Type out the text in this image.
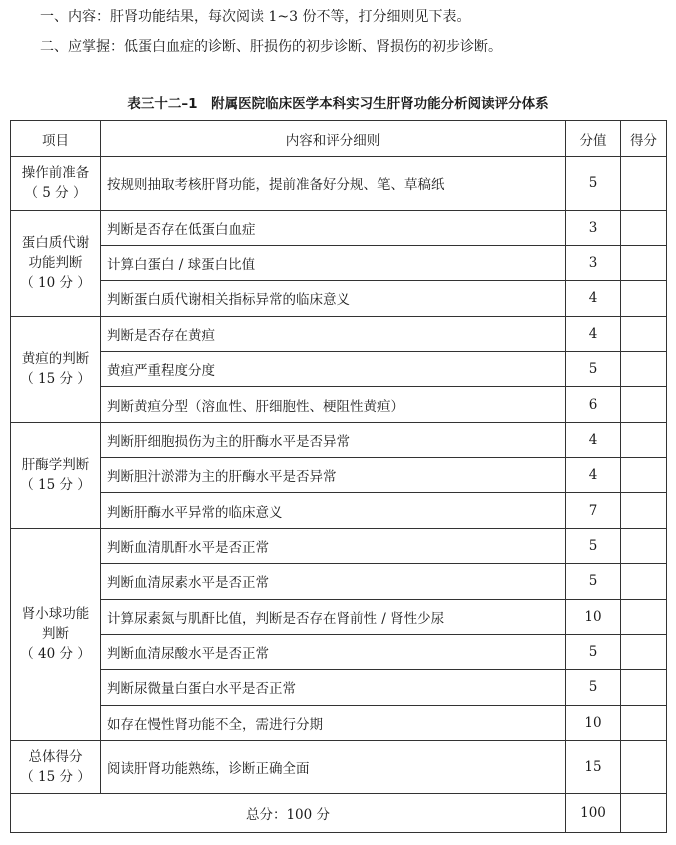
一、内容：肝肾功能结果，每次阅读 1~3 份不等，打分细则见下表。
二、应掌握：低蛋白血症的诊断、肝损伤的初步诊断、肾损伤的初步诊断。
表三十二–1　附属医院临床医学本科实习生肝肾功能分析阅读评分体系
项目	内容和评分细则	分值	得分

操作前准备
（ 5 分 ）	按规则抽取考核肝肾功能，提前准备好分规、笔、草稿纸	5	

蛋白质代谢功能判断
（ 10 分 ）	判断是否存在低蛋白血症	3	
	计算白蛋白 / 球蛋白比值	3	
	判断蛋白质代谢相关指标异常的临床意义	4	

黄疸的判断
（ 15 分 ）	判断是否存在黄疸	4	
	黄疸严重程度分度	5	
	判断黄疸分型（溶血性、肝细胞性、梗阻性黄疸）	6	

肝酶学判断
（ 15 分 ）	判断肝细胞损伤为主的肝酶水平是否异常	4	
	判断胆汁淤滞为主的肝酶水平是否异常	4	
	判断肝酶水平异常的临床意义	7	

肾小球功能判断
（ 40 分 ）	判断血清肌酐水平是否正常	5	
	判断血清尿素水平是否正常	5	
	计算尿素氮与肌酐比值，判断是否存在肾前性 / 肾性少尿	10	
	判断血清尿酸水平是否正常	5	
	判断尿微量白蛋白水平是否正常	5	
	如存在慢性肾功能不全，需进行分期	10	

总体得分
（ 15 分 ）	阅读肝肾功能熟练，诊断正确全面	15	
总分：100 分		100	
